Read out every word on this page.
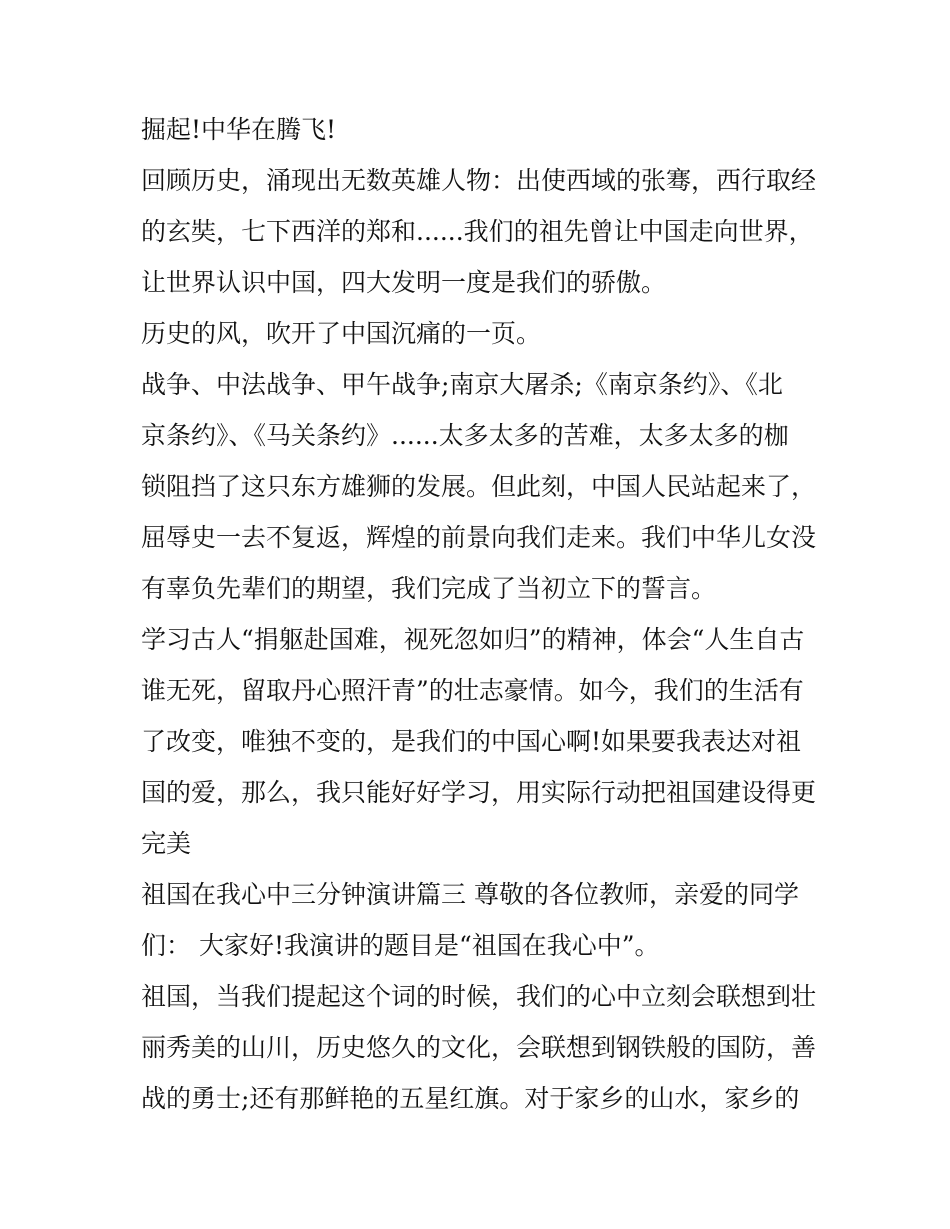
掘起!中华在腾飞!
回顾历史，涌现出无数英雄人物：出使西域的张骞，西行取经
的玄奘，七下西洋的郑和......我们的祖先曾让中国走向世界，
让世界认识中国，四大发明一度是我们的骄傲。
历史的风，吹开了中国沉痛的一页。
战争、中法战争、甲午战争;南京大屠杀;《南京条约》、《北
京条约》、《马关条约》......太多太多的苦难，太多太多的枷
锁阻挡了这只东方雄狮的发展。但此刻，中国人民站起来了，
屈辱史一去不复返，辉煌的前景向我们走来。我们中华儿女没
有辜负先辈们的期望，我们完成了当初立下的誓言。
学习古人“捐躯赴国难，视死忽如归”的精神，体会“人生自古
谁无死，留取丹心照汗青”的壮志豪情。如今，我们的生活有
了改变，唯独不变的，是我们的中国心啊!如果要我表达对祖
国的爱，那么，我只能好好学习，用实际行动把祖国建设得更
完美
祖国在我心中三分钟演讲篇三 尊敬的各位教师，亲爱的同学
们： 大家好!我演讲的题目是“祖国在我心中”。
祖国，当我们提起这个词的时候，我们的心中立刻会联想到壮
丽秀美的山川，历史悠久的文化，会联想到钢铁般的国防，善
战的勇士;还有那鲜艳的五星红旗。对于家乡的山水，家乡的
